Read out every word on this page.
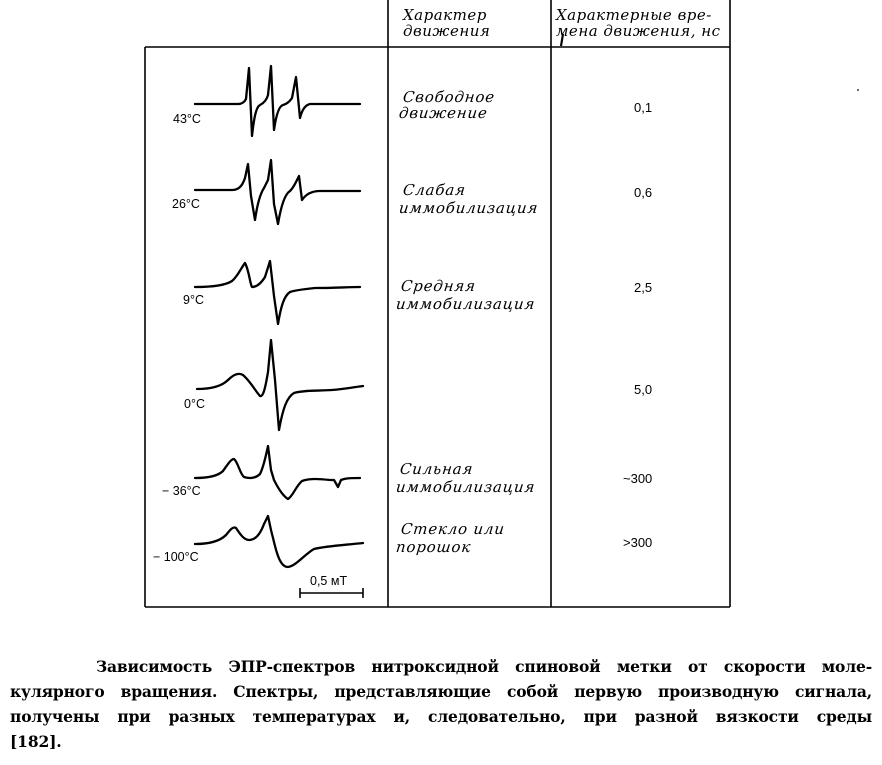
Характер
движения
Характерные вре-
мена движения, нс
43°C
26°C
9°C
0°C
− 36°C
− 100°C
Свободное
движение
Слабая
иммобилизация
Средняя
иммобилизация
Сильная
иммобилизация
Стекло или
порошок
0,1
0,6
2,5
5,0
~300
>300
0,5 мТ
Зависимость ЭПР-спектров нитроксидной спиновой метки от скорости моле-
кулярного вращения. Спектры, представляющие собой первую производную сигнала,
получены при разных температурах и, следовательно, при разной вязкости среды
[182].
